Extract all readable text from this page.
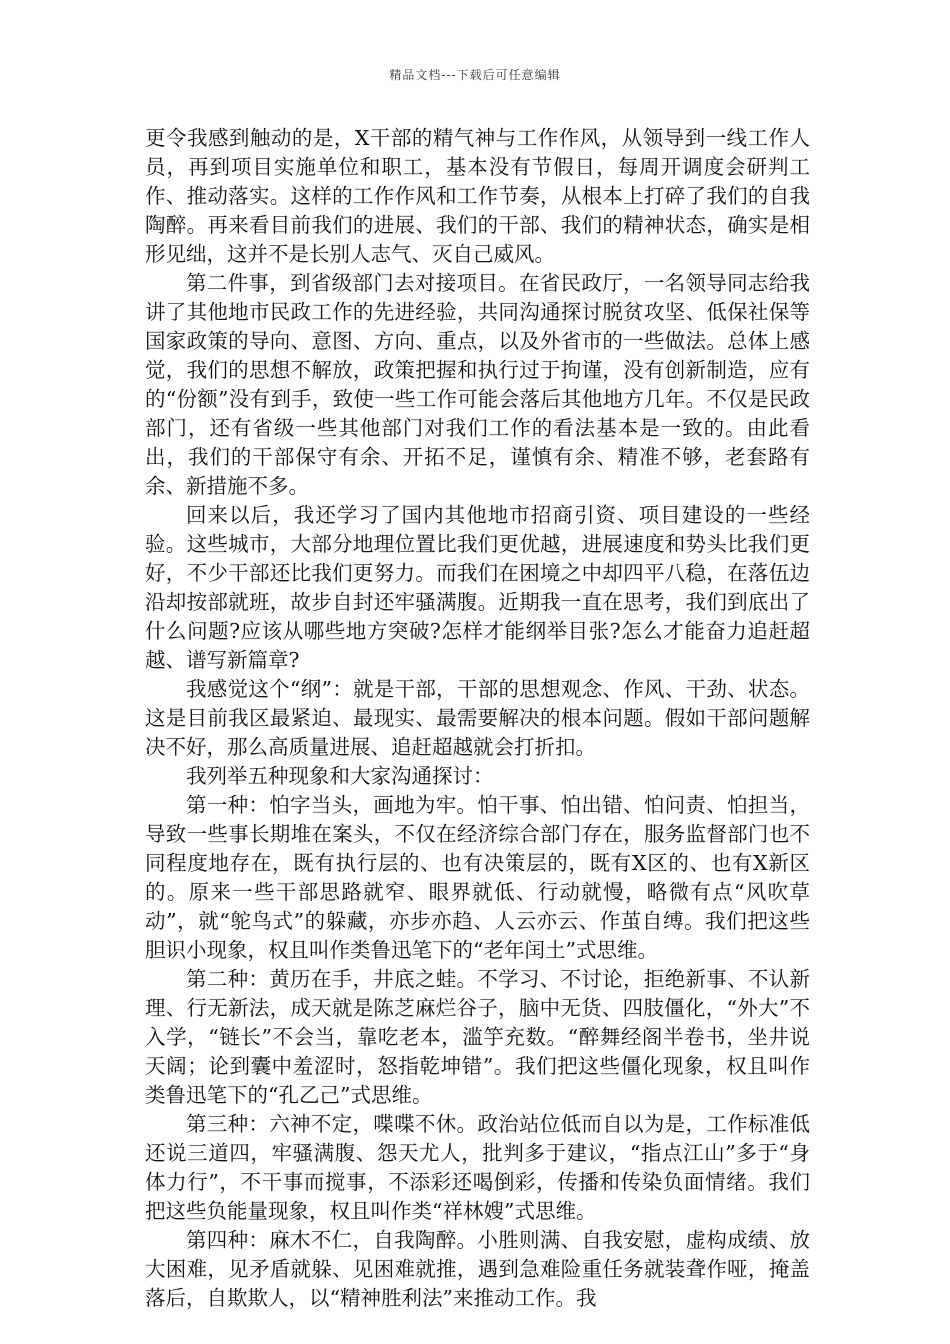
精品文档---下载后可任意编辑

更令我感到触动的是，X干部的精气神与工作作风，从领导到一线工作人员，再到项目实施单位和职工，基本没有节假日，每周开调度会研判工作、推动落实。这样的工作作风和工作节奏，从根本上打碎了我们的自我陶醉。再来看目前我们的进展、我们的干部、我们的精神状态，确实是相形见绌，这并不是长别人志气、灭自己威风。

第二件事，到省级部门去对接项目。在省民政厅，一名领导同志给我讲了其他地市民政工作的先进经验，共同沟通探讨脱贫攻坚、低保社保等国家政策的导向、意图、方向、重点，以及外省市的一些做法。总体上感觉，我们的思想不解放，政策把握和执行过于拘谨，没有创新制造，应有的“份额”没有到手，致使一些工作可能会落后其他地方几年。不仅是民政部门，还有省级一些其他部门对我们工作的看法基本是一致的。由此看出，我们的干部保守有余、开拓不足，谨慎有余、精准不够，老套路有余、新措施不多。

回来以后，我还学习了国内其他地市招商引资、项目建设的一些经验。这些城市，大部分地理位置比我们更优越，进展速度和势头比我们更好，不少干部还比我们更努力。而我们在困境之中却四平八稳，在落伍边沿却按部就班，故步自封还牢骚满腹。近期我一直在思考，我们到底出了什么问题?应该从哪些地方突破?怎样才能纲举目张?怎么才能奋力追赶超越、谱写新篇章?

我感觉这个“纲”：就是干部，干部的思想观念、作风、干劲、状态。这是目前我区最紧迫、最现实、最需要解决的根本问题。假如干部问题解决不好，那么高质量进展、追赶超越就会打折扣。

我列举五种现象和大家沟通探讨：

第一种：怕字当头，画地为牢。怕干事、怕出错、怕问责、怕担当，导致一些事长期堆在案头，不仅在经济综合部门存在，服务监督部门也不同程度地存在，既有执行层的、也有决策层的，既有X区的、也有X新区的。原来一些干部思路就窄、眼界就低、行动就慢，略微有点“风吹草动”，就“鸵鸟式”的躲藏，亦步亦趋、人云亦云、作茧自缚。我们把这些胆识小现象，权且叫作类鲁迅笔下的“老年闰土”式思维。

第二种：黄历在手，井底之蛙。不学习、不讨论，拒绝新事、不认新理、行无新法，成天就是陈芝麻烂谷子，脑中无货、四肢僵化，“外大”不入学，“链长”不会当，靠吃老本，滥竽充数。“醉舞经阁半卷书，坐井说天阔；论到囊中羞涩时，怒指乾坤错”。我们把这些僵化现象，权且叫作类鲁迅笔下的“孔乙己”式思维。

第三种：六神不定，喋喋不休。政治站位低而自以为是，工作标准低还说三道四，牢骚满腹、怨天尤人，批判多于建议，“指点江山”多于“身体力行”，不干事而搅事，不添彩还喝倒彩，传播和传染负面情绪。我们把这些负能量现象，权且叫作类“祥林嫂”式思维。

第四种：麻木不仁，自我陶醉。小胜则满、自我安慰，虚构成绩、放大困难，见矛盾就躲、见困难就推，遇到急难险重任务就装聋作哑，掩盖落后，自欺欺人，以“精神胜利法”来推动工作。我
